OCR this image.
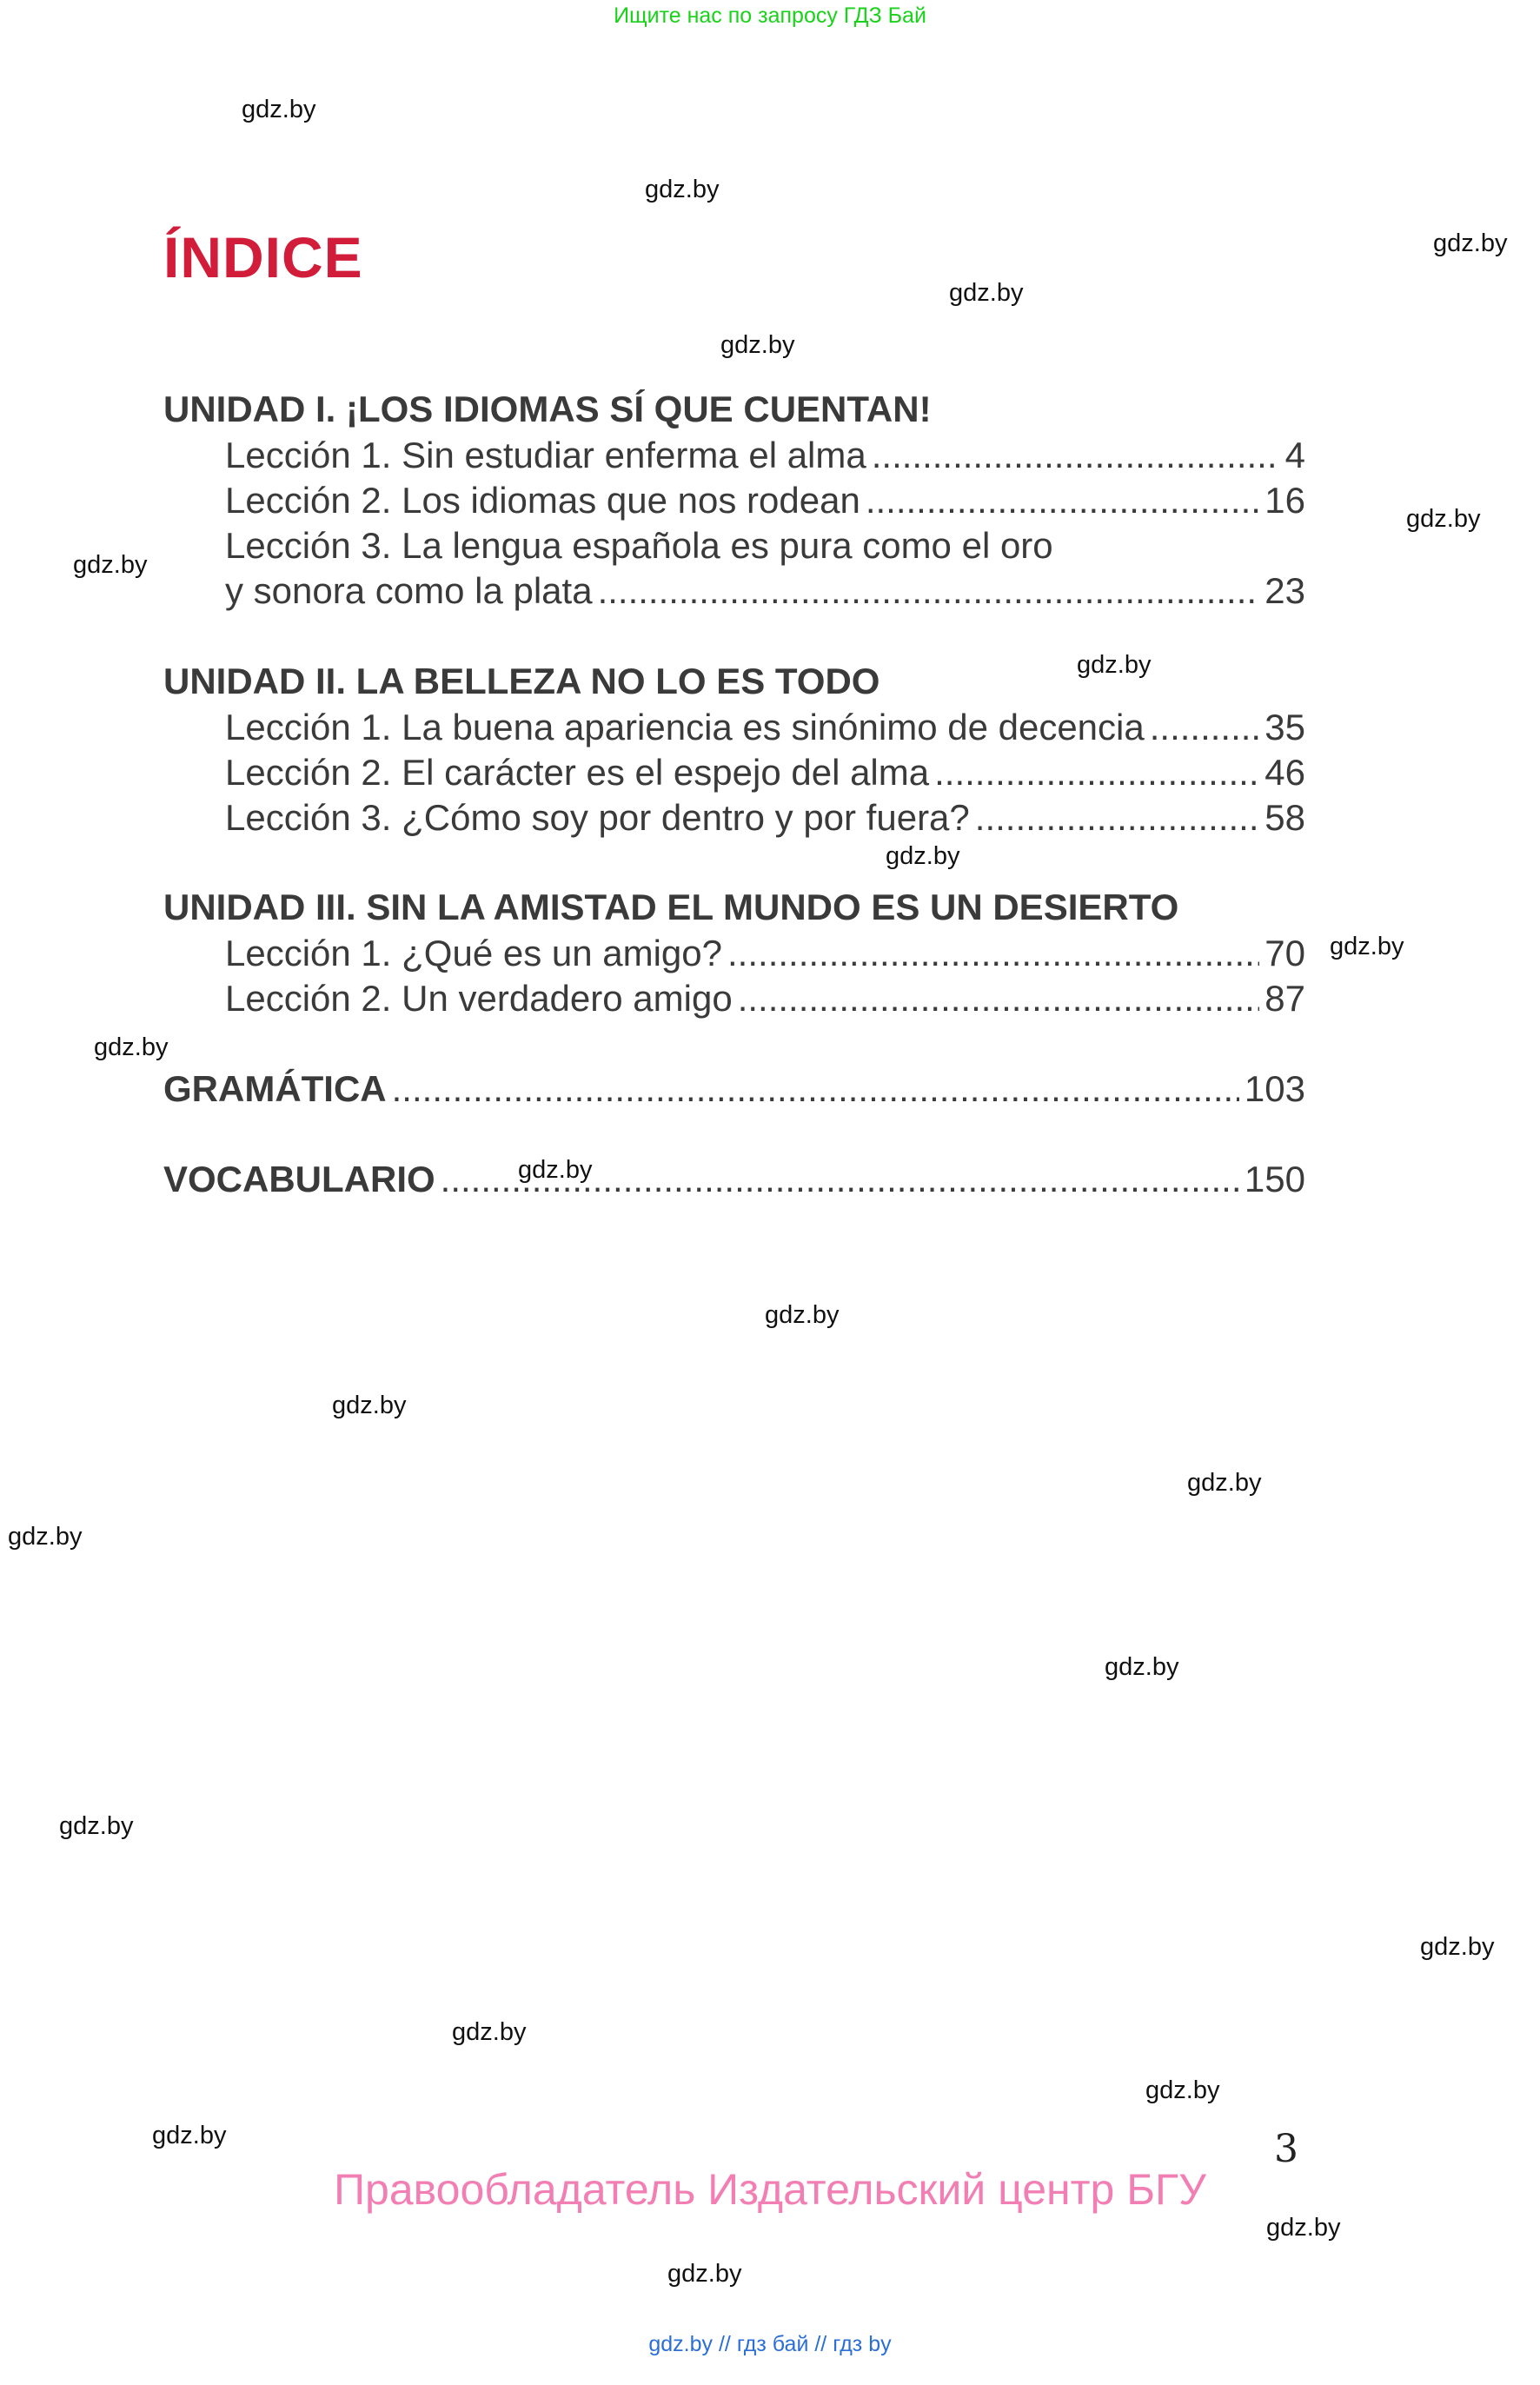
Ищите нас по запросу ГДЗ Бай
ÍNDICE
UNIDAD I. ¡LOS IDIOMAS SÍ QUE CUENTAN!
Lección 1. Sin estudiar enferma el alma .....	4
Lección 2. Los idiomas que nos rodean .....	16
Lección 3. La lengua española es pura como el oro
y sonora como la plata .....	23
UNIDAD II. LA BELLEZA NO LO ES TODO
Lección 1. La buena apariencia es sinónimo de decencia .....	35
Lección 2. El carácter es el espejo del alma .....	46
Lección 3. ¿Cómo soy por dentro y por fuera? .....	58
UNIDAD III. SIN LA AMISTAD EL MUNDO ES UN DESIERTO
Lección 1. ¿Qué es un amigo? .....	70
Lección 2. Un verdadero amigo .....	87
GRAMÁTICA .....	103
VOCABULARIO .....	150
gdz.by
gdz.by
gdz.by
gdz.by
gdz.by
gdz.by
gdz.by
gdz.by
gdz.by
gdz.by
gdz.by
gdz.by
gdz.by
gdz.by
gdz.by
gdz.by
gdz.by
gdz.by
gdz.by
gdz.by
gdz.by
gdz.by
gdz.by
gdz.by
3
Правообладатель Издательский центр БГУ
gdz.by // гдз бай // гдз by
